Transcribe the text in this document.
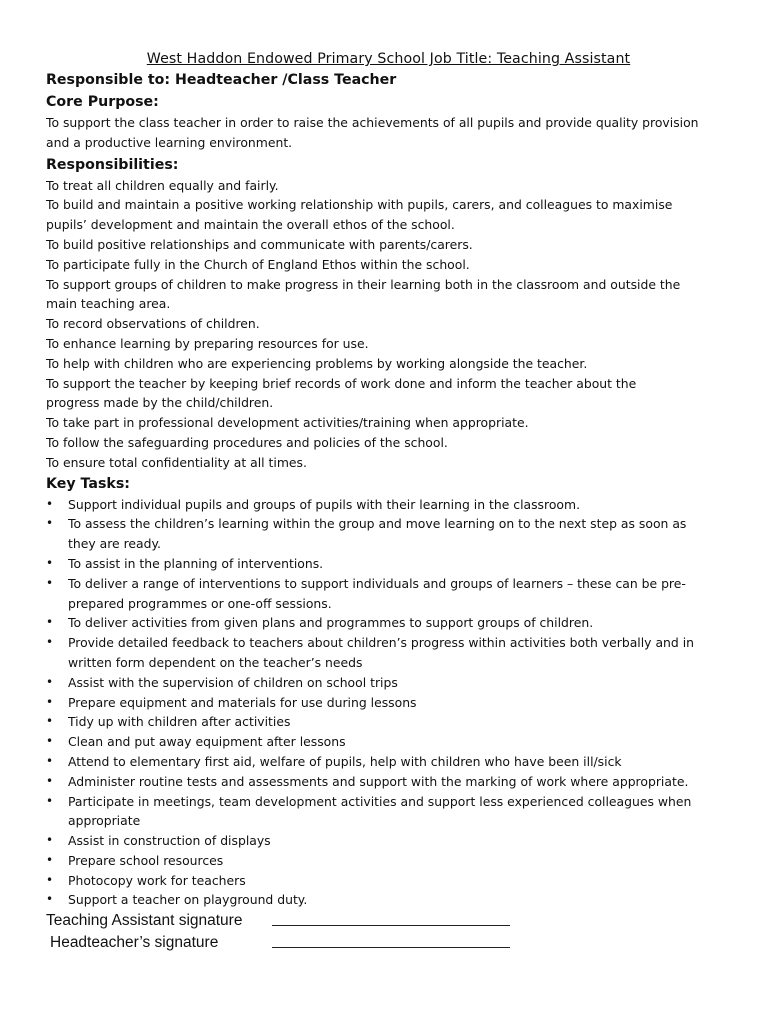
West Haddon Endowed Primary School Job Title: Teaching Assistant

Responsible to: Headteacher /Class Teacher

Core Purpose:

To support the class teacher in order to raise the achievements of all pupils and provide quality provision

and a productive learning environment.

Responsibilities:

To treat all children equally and fairly.

To build and maintain a positive working relationship with pupils, carers, and colleagues to maximise

pupils’ development and maintain the overall ethos of the school.

To build positive relationships and communicate with parents/carers.

To participate fully in the Church of England Ethos within the school.

To support groups of children to make progress in their learning both in the classroom and outside the

main teaching area.

To record observations of children.

To enhance learning by preparing resources for use.

To help with children who are experiencing problems by working alongside the teacher.

To support the teacher by keeping brief records of work done and inform the teacher about the

progress made by the child/children.

To take part in professional development activities/training when appropriate.

To follow the safeguarding procedures and policies of the school.

To ensure total confidentiality at all times.

Key Tasks:

• Support individual pupils and groups of pupils with their learning in the classroom.
• To assess the children’s learning within the group and move learning on to the next step as soon as
they are ready.
• To assist in the planning of interventions.
• To deliver a range of interventions to support individuals and groups of learners – these can be pre-
prepared programmes or one-off sessions.
• To deliver activities from given plans and programmes to support groups of children.
• Provide detailed feedback to teachers about children’s progress within activities both verbally and in
written form dependent on the teacher’s needs
• Assist with the supervision of children on school trips
• Prepare equipment and materials for use during lessons
• Tidy up with children after activities
• Clean and put away equipment after lessons
• Attend to elementary first aid, welfare of pupils, help with children who have been ill/sick
• Administer routine tests and assessments and support with the marking of work where appropriate.
• Participate in meetings, team development activities and support less experienced colleagues when
appropriate
• Assist in construction of displays
• Prepare school resources
• Photocopy work for teachers
• Support a teacher on playground duty.
Teaching Assistant signature
Headteacher’s signature
